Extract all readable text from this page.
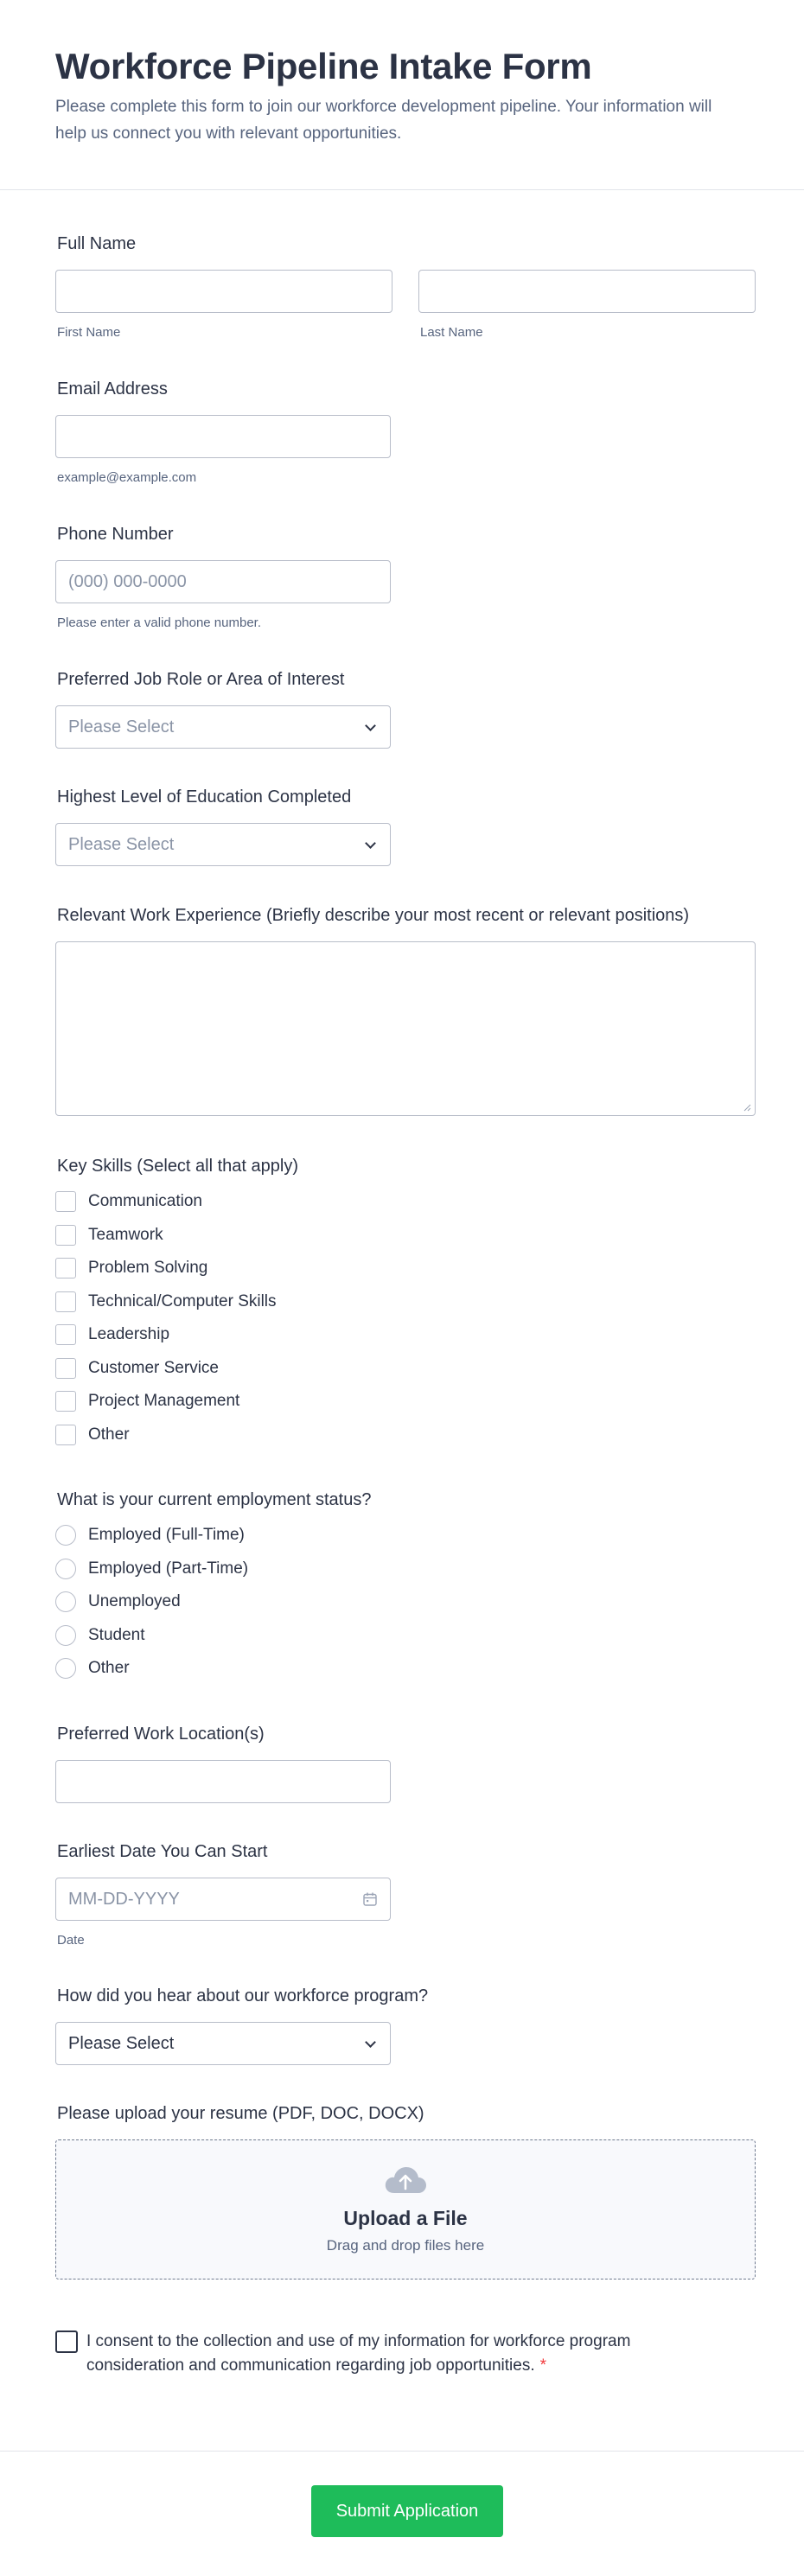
Workforce Pipeline Intake Form

Please complete this form to join our workforce development pipeline. Your information will help us connect you with relevant opportunities.

Full Name
First Name	Last Name
Email Address
example@example.com
Phone Number
(000) 000-0000
Please enter a valid phone number.
Preferred Job Role or Area of Interest
Please Select
Highest Level of Education Completed
Please Select
Relevant Work Experience (Briefly describe your most recent or relevant positions)
Key Skills (Select all that apply)
Communication
Teamwork
Problem Solving
Technical/Computer Skills
Leadership
Customer Service
Project Management
Other
What is your current employment status?
Employed (Full-Time)
Employed (Part-Time)
Unemployed
Student
Other
Preferred Work Location(s)
Earliest Date You Can Start
MM-DD-YYYY
Date
How did you hear about our workforce program?
Please Select
Please upload your resume (PDF, DOC, DOCX)
Upload a File
Drag and drop files here
I consent to the collection and use of my information for workforce program consideration and communication regarding job opportunities. *
Submit Application
